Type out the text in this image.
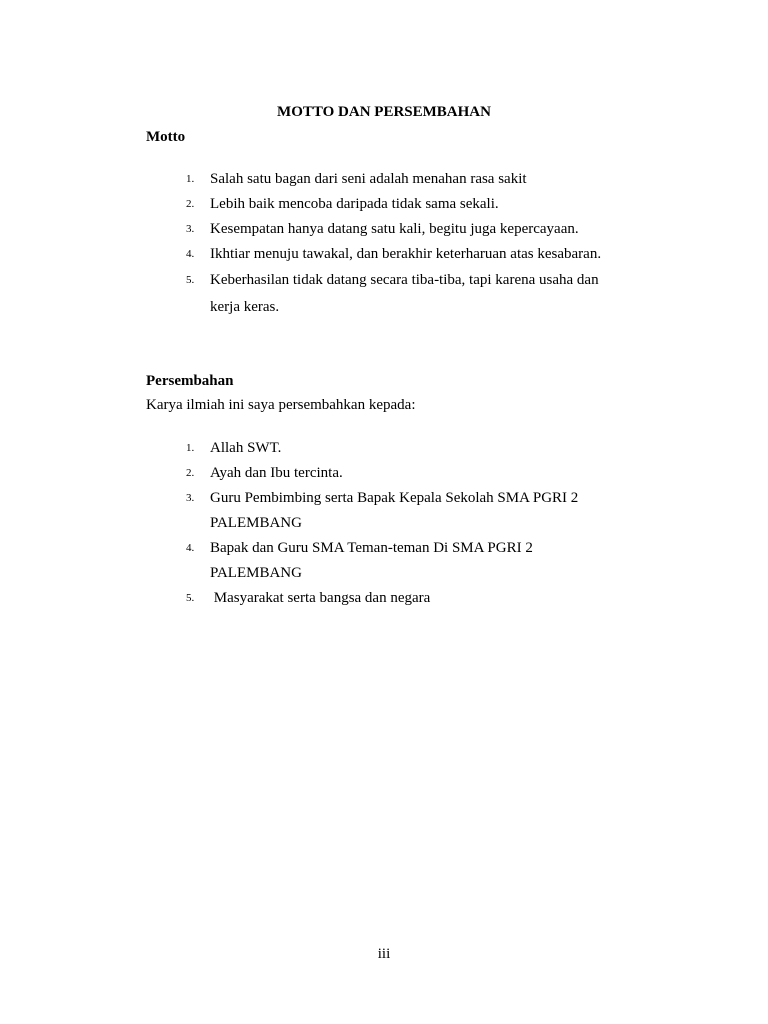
MOTTO DAN PERSEMBAHAN
Motto
1.	Salah satu bagan dari seni adalah menahan rasa sakit
2.	Lebih baik mencoba daripada tidak sama sekali.
3.	Kesempatan hanya datang satu kali, begitu juga kepercayaan.
4.	Ikhtiar menuju tawakal, dan berakhir keterharuan atas kesabaran.
5.	Keberhasilan tidak datang secara tiba-tiba, tapi karena usaha dan kerja keras.
Persembahan

Karya ilmiah ini saya persembahkan kepada:

1.	Allah SWT.
2.	Ayah dan Ibu tercinta.
3.	Guru Pembimbing serta Bapak Kepala Sekolah SMA PGRI 2 PALEMBANG
4.	Bapak dan Guru SMA Teman-teman Di SMA PGRI 2 PALEMBANG
5.	Masyarakat serta bangsa dan negara

iii
